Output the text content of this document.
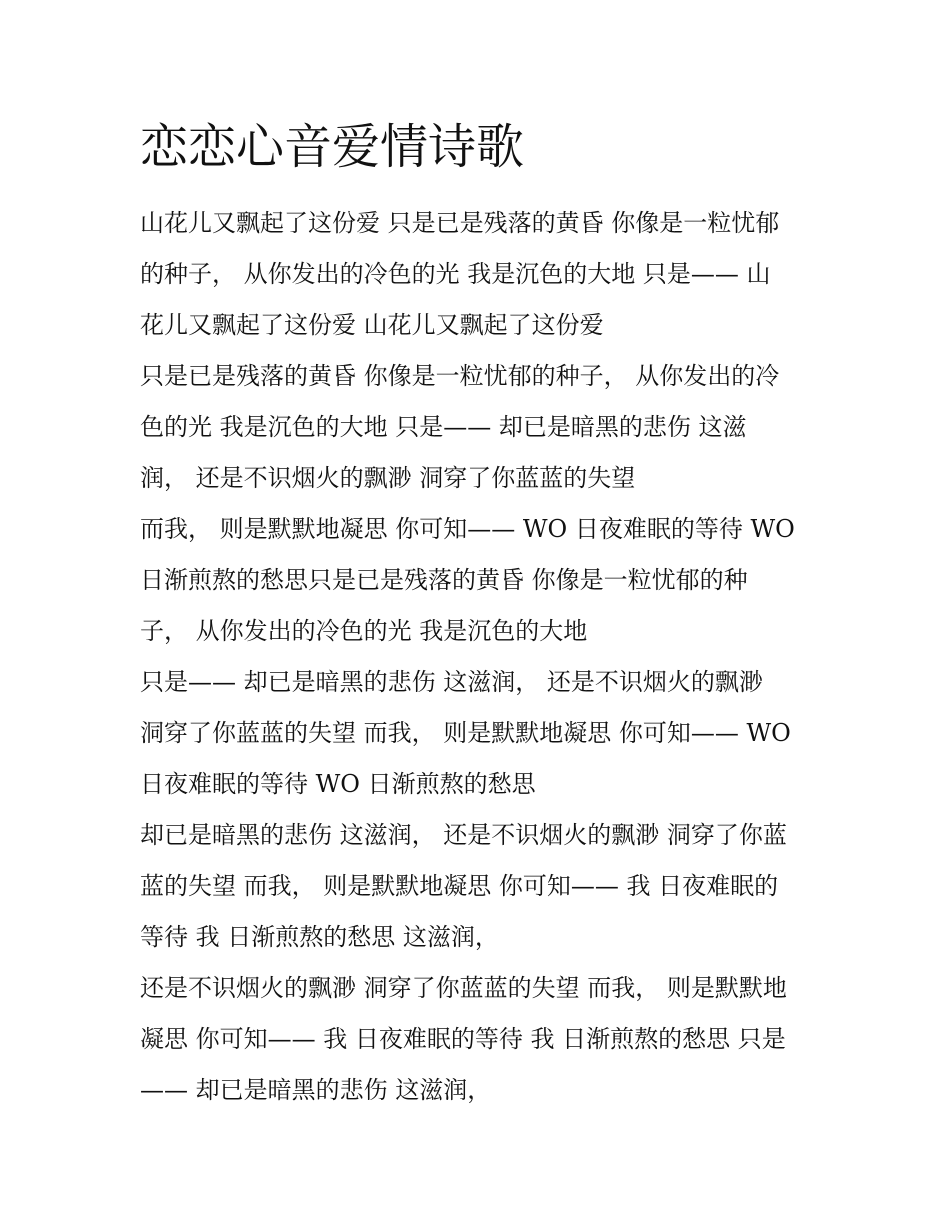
恋恋心音爱情诗歌
山花儿又飘起了这份爱 只是已是残落的黄昏 你像是一粒忧郁
的种子， 从你发出的冷色的光 我是沉色的大地 只是—— 山
花儿又飘起了这份爱 山花儿又飘起了这份爱
只是已是残落的黄昏 你像是一粒忧郁的种子， 从你发出的冷
色的光 我是沉色的大地 只是—— 却已是暗黑的悲伤 这滋
润， 还是不识烟火的飘渺 洞穿了你蓝蓝的失望
而我， 则是默默地凝思 你可知—— WO 日夜难眠的等待 WO
日渐煎熬的愁思只是已是残落的黄昏 你像是一粒忧郁的种
子， 从你发出的冷色的光 我是沉色的大地
只是—— 却已是暗黑的悲伤 这滋润， 还是不识烟火的飘渺
洞穿了你蓝蓝的失望 而我， 则是默默地凝思 你可知—— WO
日夜难眠的等待 WO 日渐煎熬的愁思
却已是暗黑的悲伤 这滋润， 还是不识烟火的飘渺 洞穿了你蓝
蓝的失望 而我， 则是默默地凝思 你可知—— 我 日夜难眠的
等待 我 日渐煎熬的愁思 这滋润，
还是不识烟火的飘渺 洞穿了你蓝蓝的失望 而我， 则是默默地
凝思 你可知—— 我 日夜难眠的等待 我 日渐煎熬的愁思 只是
—— 却已是暗黑的悲伤 这滋润，
